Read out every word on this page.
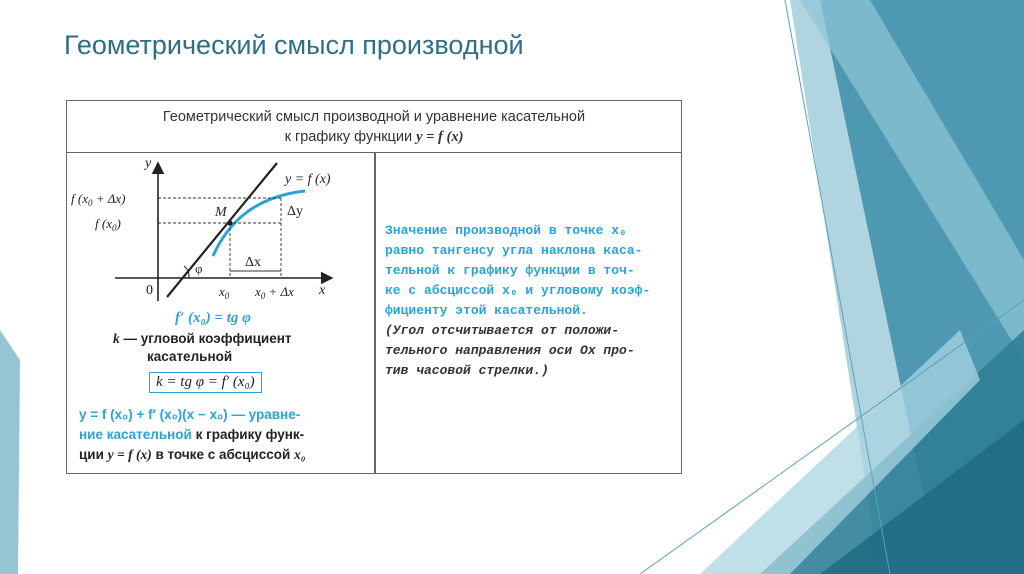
Геометрический смысл производной
Геометрический смысл производной и уравнение касательной
к графику функции y = f (x)
y
x
0
y = f (x)
M	Δy
Δx
φ
$x_0$ $x_0 + \Delta x$
f $(x_0 + \Delta x)$
f $(x_0)$
f′ (x₀) = tg φ
k — угловой коэффициент
касательной
k = tg φ = f′ (x₀)
y = f (x₀) + f′ (x₀)(x − x₀) — уравне-
ние касательной к графику функ-
ции y = f (x) в точке с абсциссой x₀
Значение производной в точке x₀
равно тангенсу угла наклона каса-
тельной к графику функции в точ-
ке с абсциссой x₀ и угловому коэф-
фициенту этой касательной.
(Угол отсчитывается от положи-
тельного направления оси Ox про-
тив часовой стрелки.)
